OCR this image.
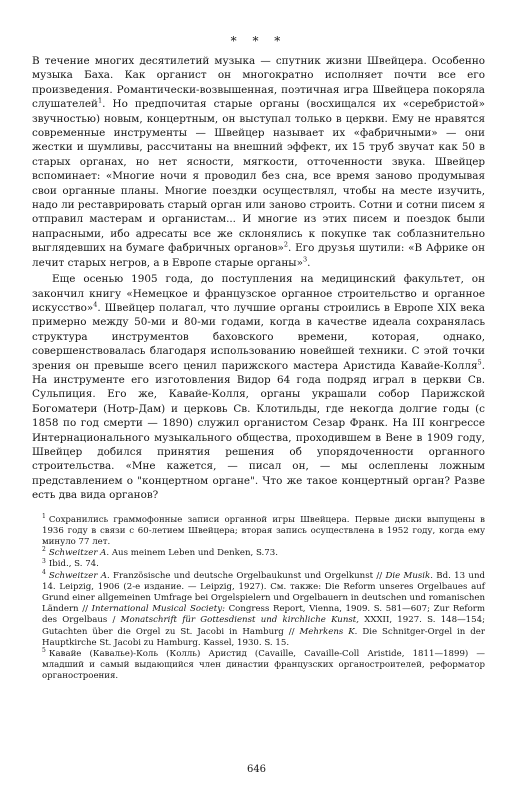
* * *

В течение многих десятилетий музыка — спутник жизни Швейцера. Особенно музыка Баха. Как органист он многократно исполняет почти все его произведения. Романтически-возвышенная, поэтичная игра Швейцера покоряла слушателей$^1$. Но предпочитая старые органы (восхищался их «серебристой» звучностью) новым, концертным, он выступал только в церкви. Ему не нравятся современные инструменты — Швейцер называет их «фабричными» — они жестки и шумливы, рассчитаны на внешний эффект, их 15 труб звучат как 50 в старых органах, но нет ясности, мягкости, отточенности звука. Швейцер вспоминает: «Многие ночи я проводил без сна, все время заново продумывая свои органные планы. Многие поездки осуществлял, чтобы на месте изучить, надо ли реставрировать старый орган или заново строить. Сотни и сотни писем я отправил мастерам и органистам... И многие из этих писем и поездок были напрасными, ибо адресаты все же склонялись к покупке так соблазнительно выглядевших на бумаге фабричных органов»$^2$. Его друзья шутили: «В Африке он лечит старых негров, а в Европе старые органы»$^3$.

Еще осенью 1905 года, до поступления на медицинский факультет, он закончил книгу «Немецкое и французское органное строительство и органное искусство»$^4$. Швейцер полагал, что лучшие органы строились в Европе XIX века примерно между 50-ми и 80-ми годами, когда в качестве идеала сохранялась структура инструментов баховского времени, которая, однако, совершенствовалась благодаря использованию новейшей техники. С этой точки зрения он превыше всего ценил парижского мастера Аристида Кавайе-Колля$^5$. На инструменте его изготовления Видор 64 года подряд играл в церкви Св. Сульпиция. Его же, Кавайе-Колля, органы украшали собор Парижской Богоматери (Нотр-Дам) и церковь Св. Клотильды, где некогда долгие годы (с 1858 по год смерти — 1890) служил органистом Сезар Франк. На III конгрессе Интернационального музыкального общества, проходившем в Вене в 1909 году, Швейцер добился принятия решения об упорядоченности органного строительства. «Мне кажется, — писал он, — мы ослеплены ложным представлением о "концертном органе". Что же такое концертный орган? Разве есть два вида органов?

$^1$ Сохранились граммофонные записи органной игры Швейцера. Первые диски выпущены в 1936 году в связи с 60-летием Швейцера; вторая запись осуществлена в 1952 году, когда ему минуло 77 лет.

$^2$ Schweitzer A. Aus meinem Leben und Denken, S.73.

$^3$ Ibid., S. 74.

$^4$ Schweitzer A. Französische und deutsche Orgelbaukunst und Orgelkunst // Die Musik. Bd. 13 und 14. Leipzig, 1906 (2-е издание. — Leipzig, 1927). См. также: Die Reform unseres Orgelbaues auf Grund einer allgemeinen Umfrage bei Orgelspielern und Orgelbauern in deutschen und romanischen Ländern // International Musical Society: Congress Report, Vienna, 1909. S. 581—607; Zur Reform des Orgelbaus / Monatschrift für Gottesdienst und kirchliche Kunst, XXXII, 1927. S. 148—154; Gutachten über die Orgel zu St. Jacobi in Hamburg // Mehrkens K. Die Schnitger-Orgel in der Hauptkirche St. Jacobi zu Hamburg. Kassel, 1930. S. 15.

$^5$ Кавайе (Кавальe)-Коль (Колль) Аристид (Cavaille, Cavaille-Coll Aristide, 1811—1899) — младший и самый выдающийся член династии французских органостроителей, реформатор органостроения.

646
